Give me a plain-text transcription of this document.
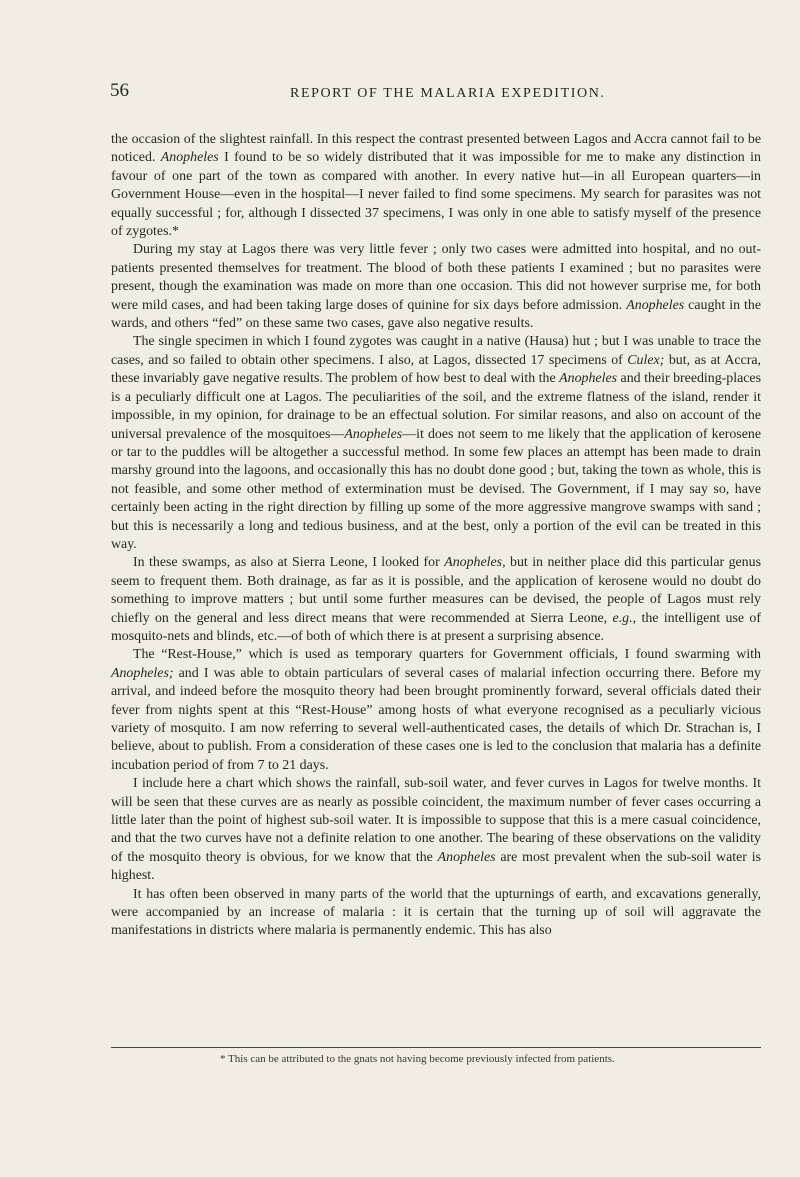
56	REPORT OF THE MALARIA EXPEDITION.

the occasion of the slightest rainfall. In this respect the contrast presented between Lagos and Accra cannot fail to be noticed. Anopheles I found to be so widely distributed that it was impossible for me to make any distinction in favour of one part of the town as compared with another. In every native hut—in all European quarters—in Government House—even in the hospital—I never failed to find some specimens. My search for parasites was not equally successful ; for, although I dissected 37 specimens, I was only in one able to satisfy myself of the presence of zygotes.*

During my stay at Lagos there was very little fever ; only two cases were admitted into hospital, and no out-patients presented themselves for treatment. The blood of both these patients I examined ; but no parasites were present, though the examination was made on more than one occasion. This did not however surprise me, for both were mild cases, and had been taking large doses of quinine for six days before admission. Anopheles caught in the wards, and others “fed” on these same two cases, gave also negative results.

The single specimen in which I found zygotes was caught in a native (Hausa) hut ; but I was unable to trace the cases, and so failed to obtain other specimens. I also, at Lagos, dissected 17 specimens of Culex; but, as at Accra, these invariably gave negative results. The problem of how best to deal with the Anopheles and their breeding-places is a peculiarly difficult one at Lagos. The peculiarities of the soil, and the extreme flatness of the island, render it impossible, in my opinion, for drainage to be an effectual solution. For similar reasons, and also on account of the universal prevalence of the mosquitoes—Anopheles—it does not seem to me likely that the application of kerosene or tar to the puddles will be altogether a successful method. In some few places an attempt has been made to drain marshy ground into the lagoons, and occasionally this has no doubt done good ; but, taking the town as whole, this is not feasible, and some other method of extermination must be devised. The Government, if I may say so, have certainly been acting in the right direction by filling up some of the more aggressive mangrove swamps with sand ; but this is necessarily a long and tedious business, and at the best, only a portion of the evil can be treated in this way.

In these swamps, as also at Sierra Leone, I looked for Anopheles, but in neither place did this particular genus seem to frequent them. Both drainage, as far as it is possible, and the application of kerosene would no doubt do something to improve matters ; but until some further measures can be devised, the people of Lagos must rely chiefly on the general and less direct means that were recommended at Sierra Leone, e.g., the intelligent use of mosquito-nets and blinds, etc.—of both of which there is at present a surprising absence.

The “Rest-House,” which is used as temporary quarters for Government officials, I found swarming with Anopheles; and I was able to obtain particulars of several cases of malarial infection occurring there. Before my arrival, and indeed before the mosquito theory had been brought prominently forward, several officials dated their fever from nights spent at this “Rest-House” among hosts of what everyone recognised as a peculiarly vicious variety of mosquito. I am now referring to several well-authenticated cases, the details of which Dr. Strachan is, I believe, about to publish. From a consideration of these cases one is led to the conclusion that malaria has a definite incubation period of from 7 to 21 days.

I include here a chart which shows the rainfall, sub-soil water, and fever curves in Lagos for twelve months. It will be seen that these curves are as nearly as possible coincident, the maximum number of fever cases occurring a little later than the point of highest sub-soil water. It is impossible to suppose that this is a mere casual coincidence, and that the two curves have not a definite relation to one another. The bearing of these observations on the validity of the mosquito theory is obvious, for we know that the Anopheles are most prevalent when the sub-soil water is highest.

It has often been observed in many parts of the world that the upturnings of earth, and excavations generally, were accompanied by an increase of malaria : it is certain that the turning up of soil will aggravate the manifestations in districts where malaria is permanently endemic. This has also

* This can be attributed to the gnats not having become previously infected from patients.
